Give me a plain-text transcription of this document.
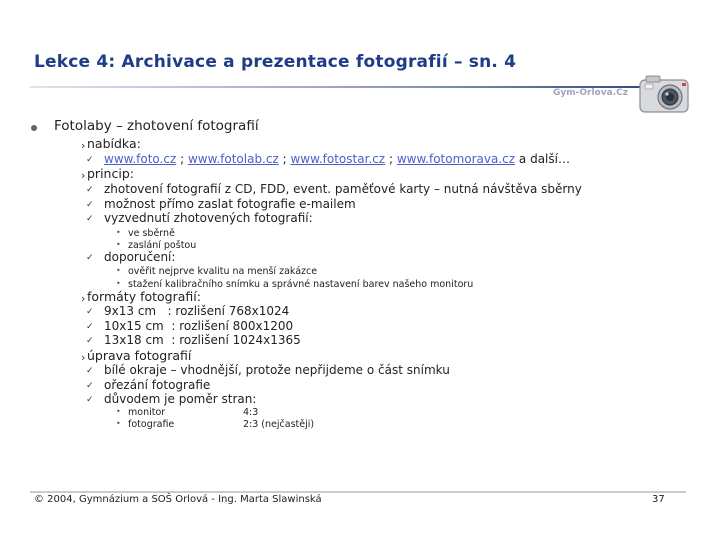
Lekce 4: Archivace a prezentace fotografií – sn. 4
Gym-Orlova.Cz
Fotolaby – zhotovení fotografií
› nabídka:
✓ www.foto.cz ; www.fotolab.cz ; www.fotostar.cz ; www.fotomorava.cz a další…
› princip:
✓ zhotovení fotografií z CD, FDD, event. paměťové karty – nutná návštěva sběrny
✓ možnost přímo zaslat fotografie e-mailem
✓ vyzvednutí zhotovených fotografií:
• ve sběrně
• zaslání poštou
✓ doporučení:
• ověřit nejprve kvalitu na menší zakázce
• stažení kalibračního snímku a správné nastavení barev našeho monitoru
› formáty fotografií:
✓ 9x13 cm   : rozlišení 768x1024
✓ 10x15 cm  : rozlišení 800x1200
✓ 13x18 cm  : rozlišení 1024x1365
› úprava fotografií
✓ bílé okraje – vhodnější, protože nepřijdeme o část snímku
✓ ořezání fotografie
✓ důvodem je poměr stran:
• monitor	4:3
• fotografie	2:3 (nejčastěji)
© 2004, Gymnázium a SOŠ Orlová - Ing. Marta Slawinská	37
